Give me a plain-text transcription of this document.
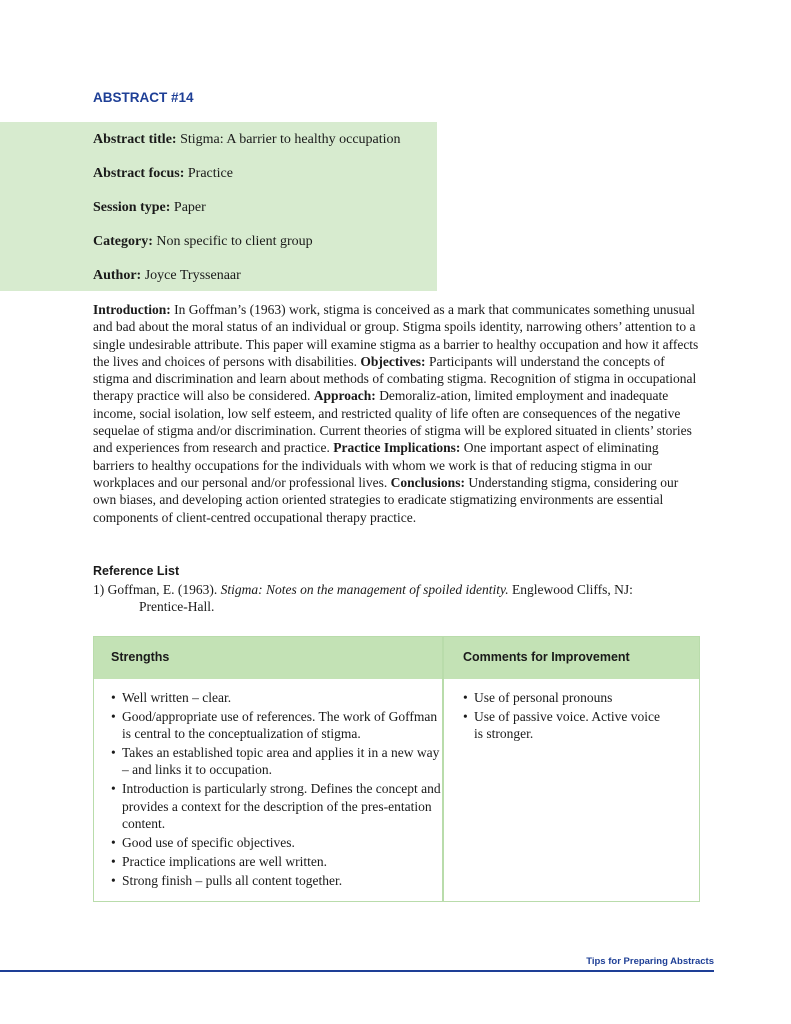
ABSTRACT #14
Abstract title: Stigma: A barrier to healthy occupation
Abstract focus: Practice
Session type: Paper
Category: Non specific to client group
Author: Joyce Tryssenaar

Introduction: In Goffman’s (1963) work, stigma is conceived as a mark that communicates something unusual and bad about the moral status of an individual or group. Stigma spoils identity, narrowing others’ attention to a single undesirable attribute. This paper will examine stigma as a barrier to healthy occupation and how it affects the lives and choices of persons with disabilities. Objectives: Participants will understand the concepts of stigma and discrimination and learn about methods of combating stigma. Recognition of stigma in occupational therapy practice will also be considered. Approach: Demoraliz-ation, limited employment and inadequate income, social isolation, low self esteem, and restricted quality of life often are consequences of the negative sequelae of stigma and/or discrimination. Current theories of stigma will be explored situated in clients’ stories and experiences from research and practice. Practice Implications: One important aspect of eliminating barriers to healthy occupations for the individuals with whom we work is that of reducing stigma in our workplaces and our personal and/or professional lives. Conclusions: Understanding stigma, considering our own biases, and developing action oriented strategies to eradicate stigmatizing environments are essential components of client-centred occupational therapy practice.

Reference List
1) Goffman, E. (1963). Stigma: Notes on the management of spoiled identity. Englewood Cliffs, NJ: Prentice-Hall.
Strengths	Comments for Improvement
• Well written – clear.
• Good/appropriate use of references. The work of Goffman is central to the conceptualization of stigma.
• Takes an established topic area and applies it in a new way – and links it to occupation.
• Introduction is particularly strong. Defines the concept and provides a context for the description of the pres-entation content.
• Good use of specific objectives.
• Practice implications are well written.
• Strong finish – pulls all content together.
• Use of personal pronouns
• Use of passive voice. Active voice is stronger.
Tips for Preparing Abstracts
